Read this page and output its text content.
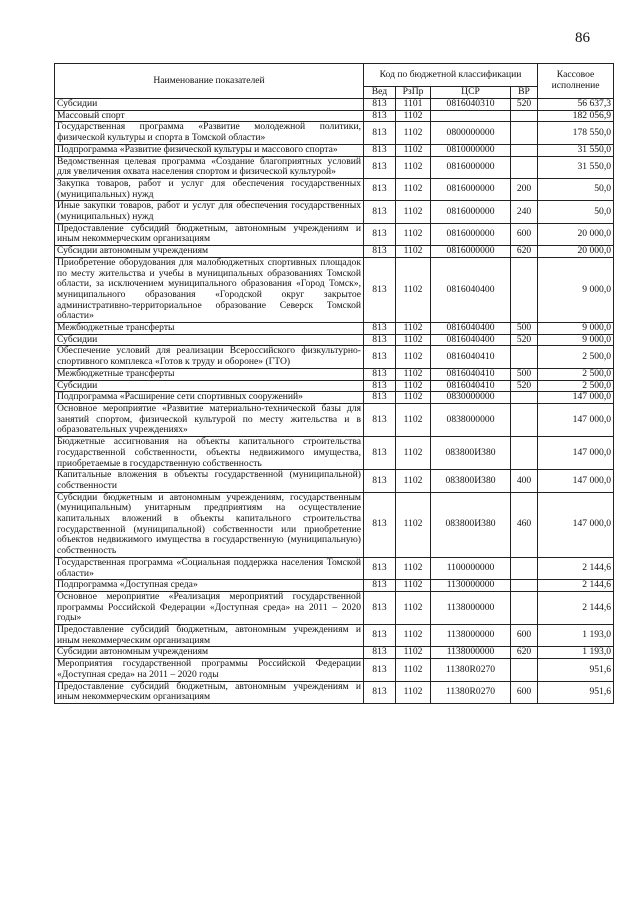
86
Наименование показателей	Код по бюджетной классификации				Кассовое исполнение
	Вед	РзПр	ЦСР	ВР	
Субсидии	813	1101	0816040310	520	56 637,3
Массовый спорт	813	1102			182 056,9
Государственная программа «Развитие молодежной политики, физической культуры и спорта в Томской области»	813	1102	0800000000		178 550,0
Подпрограмма «Развитие физической культуры и массового спорта»	813	1102	0810000000		31 550,0
Ведомственная целевая программа «Создание благоприятных условий для увеличения охвата населения спортом и физической культурой»	813	1102	0816000000		31 550,0
Закупка товаров, работ и услуг для обеспечения государственных (муниципальных) нужд	813	1102	0816000000	200	50,0
Иные закупки товаров, работ и услуг для обеспечения государственных (муниципальных) нужд	813	1102	0816000000	240	50,0
Предоставление субсидий бюджетным, автономным учреждениям и иным некоммерческим организациям	813	1102	0816000000	600	20 000,0
Субсидии автономным учреждениям	813	1102	0816000000	620	20 000,0
Приобретение оборудования для малобюджетных спортивных площадок по месту жительства и учебы в муниципальных образованиях Томской области, за исключением муниципального образования «Город Томск», муниципального образования «Городской округ закрытое административно-территориальное образование Северск Томской области»	813	1102	0816040400		9 000,0
Межбюджетные трансферты	813	1102	0816040400	500	9 000,0
Субсидии	813	1102	0816040400	520	9 000,0
Обеспечение условий для реализации Всероссийского физкультурно-спортивного комплекса «Готов к труду и обороне» (ГТО)	813	1102	0816040410		2 500,0
Межбюджетные трансферты	813	1102	0816040410	500	2 500,0
Субсидии	813	1102	0816040410	520	2 500,0
Подпрограмма «Расширение сети спортивных сооружений»	813	1102	0830000000		147 000,0
Основное мероприятие «Развитие материально-технической базы для занятий спортом, физической культурой по месту жительства и в образовательных учреждениях»	813	1102	0838000000		147 000,0
Бюджетные ассигнования на объекты капитального строительства государственной собственности, объекты недвижимого имущества, приобретаемые в государственную собственность	813	1102	083800И380		147 000,0
Капитальные вложения в объекты государственной (муниципальной) собственности	813	1102	083800И380	400	147 000,0
Субсидии бюджетным и автономным учреждениям, государственным (муниципальным) унитарным предприятиям на осуществление капитальных вложений в объекты капитального строительства государственной (муниципальной) собственности или приобретение объектов недвижимого имущества в государственную (муниципальную) собственность	813	1102	083800И380	460	147 000,0
Государственная программа «Социальная поддержка населения Томской области»	813	1102	1100000000		2 144,6
Подпрограмма «Доступная среда»	813	1102	1130000000		2 144,6
Основное мероприятие «Реализация мероприятий государственной программы Российской Федерации «Доступная среда» на 2011 – 2020 годы»	813	1102	1138000000		2 144,6
Предоставление субсидий бюджетным, автономным учреждениям и иным некоммерческим организациям	813	1102	1138000000	600	1 193,0
Субсидии автономным учреждениям	813	1102	1138000000	620	1 193,0
Мероприятия государственной программы Российской Федерации «Доступная среда» на 2011 – 2020 годы	813	1102	11380R0270		951,6
Предоставление субсидий бюджетным, автономным учреждениям и иным некоммерческим организациям	813	1102	11380R0270	600	951,6
